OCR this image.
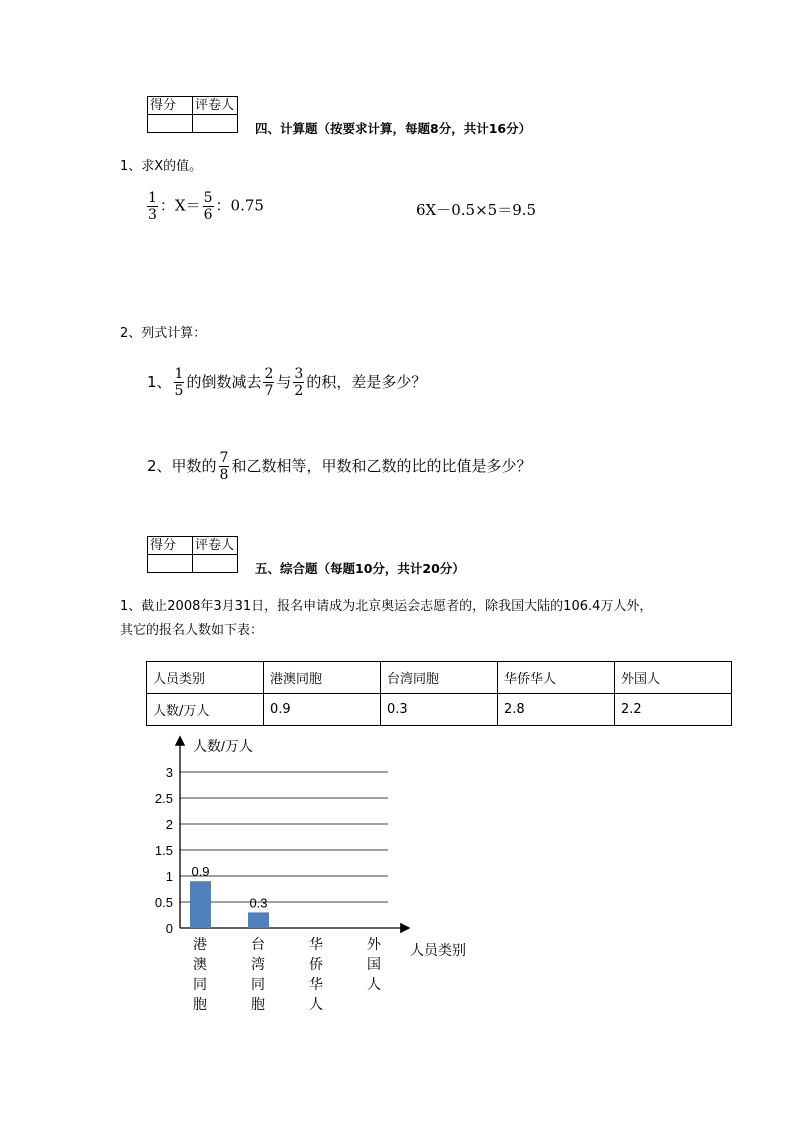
得分	评卷人

四、计算题（按要求计算，每题8分，共计16分）
1、求X的值。
$\frac{1}{3}$ ：$X= \frac{5}{6}$ ：0.75	6X－0.5×5＝9.5
2、列式计算：
1、 $\frac{1}{5}$ 的倒数减去 $\frac{2}{7}$ 与 $\frac{3}{2}$ 的积，差是多少？
2、甲数的 $\frac{7}{8}$ 和乙数相等，甲数和乙数的比的比值是多少？
得分	评卷人

五、综合题（每题10分，共计20分）
1、截止2008年3月31日，报名申请成为北京奥运会志愿者的，除我国大陆的106.4万人外，
其它的报名人数如下表：
人员类别	港澳同胞	台湾同胞	华侨华人	外国人
人数/万人	0.9	0.3	2.8	2.2
人数/万人
人员类别
0
0.5
1
1.5
2
2.5
3
0.9
0.3
港
澳
同
胞
台
湾
同
胞
华
侨
华
人
外
国
人
